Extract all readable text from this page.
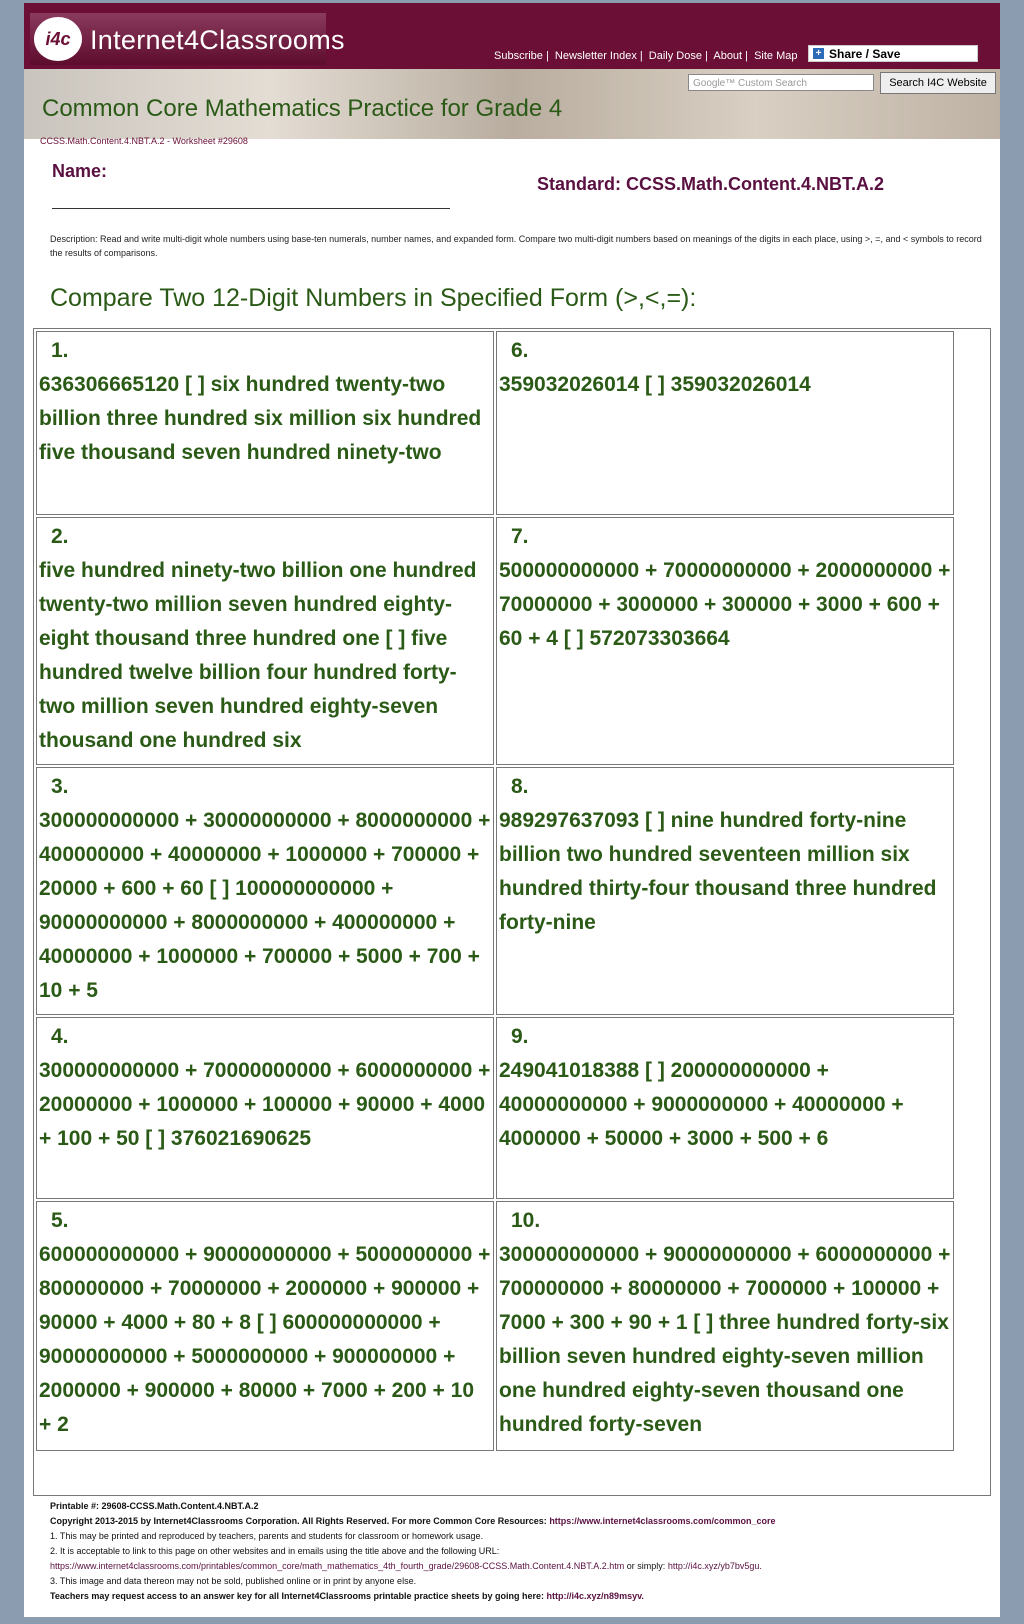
i4c Internet4Classrooms
Subscribe | Newsletter Index | Daily Dose | About | Site Map	+ Share / Save
Google™ Custom Search	Search I4C Website
Common Core Mathematics Practice for Grade 4
CCSS.Math.Content.4.NBT.A.2 - Worksheet #29608
Name:
Standard: CCSS.Math.Content.4.NBT.A.2
Description: Read and write multi-digit whole numbers using base-ten numerals, number names, and expanded form. Compare two multi-digit numbers based on meanings of the digits in each place, using >, =, and < symbols to record the results of comparisons.
Compare Two 12-Digit Numbers in Specified Form (>,<,=):
1.
636306665120 [ ] six hundred twenty-two billion three hundred six million six hundred five thousand seven hundred ninety-two
6.
359032026014 [ ] 359032026014
2.
five hundred ninety-two billion one hundred twenty-two million seven hundred eighty-eight thousand three hundred one [ ] five hundred twelve billion four hundred forty-two million seven hundred eighty-seven thousand one hundred six
7.
500000000000 + 70000000000 + 2000000000 + 70000000 + 3000000 + 300000 + 3000 + 600 + 60 + 4 [ ] 572073303664
3.
300000000000 + 30000000000 + 8000000000 + 400000000 + 40000000 + 1000000 + 700000 + 20000 + 600 + 60 [ ] 100000000000 + 90000000000 + 8000000000 + 400000000 + 40000000 + 1000000 + 700000 + 5000 + 700 + 10 + 5
8.
989297637093 [ ] nine hundred forty-nine billion two hundred seventeen million six hundred thirty-four thousand three hundred forty-nine
4.
300000000000 + 70000000000 + 6000000000 + 20000000 + 1000000 + 100000 + 90000 + 4000 + 100 + 50 [ ] 376021690625
9.
249041018388 [ ] 200000000000 + 40000000000 + 9000000000 + 40000000 + 4000000 + 50000 + 3000 + 500 + 6
5.
600000000000 + 90000000000 + 5000000000 + 800000000 + 70000000 + 2000000 + 900000 + 90000 + 4000 + 80 + 8 [ ] 600000000000 + 90000000000 + 5000000000 + 900000000 + 2000000 + 900000 + 80000 + 7000 + 200 + 10 + 2
10.
300000000000 + 90000000000 + 6000000000 + 700000000 + 80000000 + 7000000 + 100000 + 7000 + 300 + 90 + 1 [ ] three hundred forty-six billion seven hundred eighty-seven million one hundred eighty-seven thousand one hundred forty-seven
Printable #: 29608-CCSS.Math.Content.4.NBT.A.2
Copyright 2013-2015 by Internet4Classrooms Corporation. All Rights Reserved. For more Common Core Resources: https://www.internet4classrooms.com/common_core
1. This may be printed and reproduced by teachers, parents and students for classroom or homework usage.
2. It is acceptable to link to this page on other websites and in emails using the title above and the following URL:
https://www.internet4classrooms.com/printables/common_core/math_mathematics_4th_fourth_grade/29608-CCSS.Math.Content.4.NBT.A.2.htm or simply: http://i4c.xyz/yb7bv5gu.
3. This image and data thereon may not be sold, published online or in print by anyone else.
Teachers may request access to an answer key for all Internet4Classrooms printable practice sheets by going here: http://i4c.xyz/n89msyv.
